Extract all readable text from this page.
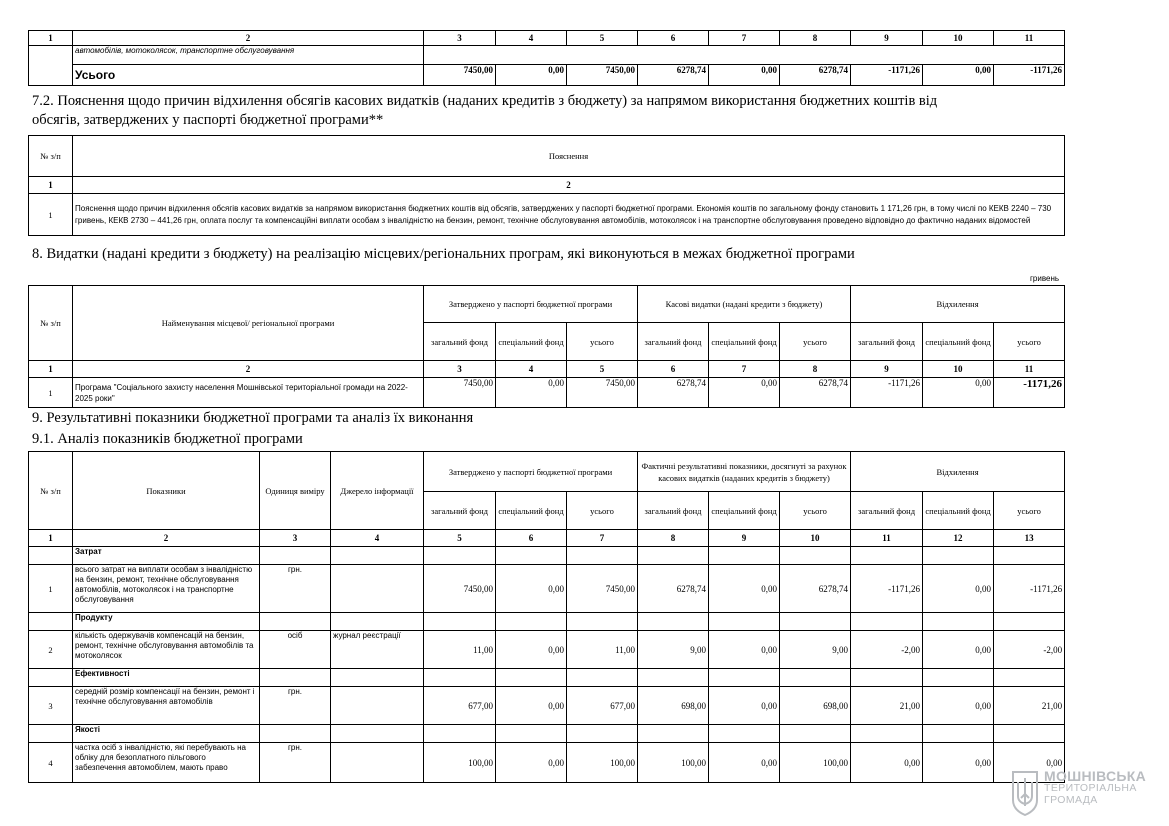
1	2	3	4	5	6	7	8	9	10	11
	автомобілів, мотоколясок, транспортне обслуговування									
	Усього	7450,00	0,00	7450,00	6278,74	0,00	6278,74	-1171,26	0,00	-1171,26

7.2. Пояснення щодо причин відхилення обсягів касових видатків (наданих кредитів з бюджету) за напрямом використання бюджетних коштів від
обсягів, затверджених у паспорті бюджетної програми**

№ з/п	Пояснення
1	2
1	Пояснення щодо причин відхилення обсягів касових видатків за напрямом використання бюджетних коштів від обсягів, затверджених у паспорті бюджетної програми. Економія коштів по загальному фонду становить 1 171,26 грн, в тому числі по КЕКВ 2240 – 730 гривень, КЕКВ 2730 – 441,26 грн, оплата послуг та компенсаційні виплати особам з інвалідністю на бензин, ремонт, технічне обслуговування автомобілів, мотоколясок і на транспортне обслуговування проведено відповідно до фактично наданих відомостей

8. Видатки (надані кредити з бюджету) на реалізацію місцевих/регіональних програм, які виконуються в межах бюджетної програми

гривень
№ з/п	Найменування місцевої/ регіональної програми	Затверджено у паспорті бюджетної програми			Касові видатки (надані кредити з бюджету)			Відхилення		
		загальний фонд	спеціальний фонд	усього	загальний фонд	спеціальний фонд	усього	загальний фонд	спеціальний фонд	усього
1	2	3	4	5	6	7	8	9	10	11
1	Програма "Соціального захисту населення Мошнівської територіальної громади на 2022-2025 роки"	7450,00	0,00	7450,00	6278,74	0,00	6278,74	-1171,26	0,00	-1171,26

9. Результативні показники бюджетної програми та аналіз їх виконання

9.1. Аналіз показників бюджетної програми

№ з/п	Показники	Одиниця виміру	Джерело інформації	Затверджено у паспорті бюджетної програми			Фактичні результативні показники, досягнуті за рахунок касових видатків (наданих кредитів з бюджету)			Відхилення		
				загальний фонд	спеціальний фонд	усього	загальний фонд	спеціальний фонд	усього	загальний фонд	спеціальний фонд	усього
1	2	3	4	5	6	7	8	9	10	11	12	13
	Затрат											
1	всього затрат на виплати особам з інвалідністю на бензин, ремонт, технічне обслуговування автомобілів, мотоколясок і на транспортне обслуговування	грн.		7450,00	0,00	7450,00	6278,74	0,00	6278,74	-1171,26	0,00	-1171,26
	Продукту											
2	кількість одержувачів компенсацій на бензин, ремонт, технічне обслуговування автомобілів та мотоколясок	осіб	журнал реєстрації	11,00	0,00	11,00	9,00	0,00	9,00	-2,00	0,00	-2,00
	Ефективності											
3	середній розмір компенсації на бензин, ремонт і технічне обслуговування автомобілів	грн.		677,00	0,00	677,00	698,00	0,00	698,00	21,00	0,00	21,00
	Якості											
4	частка осіб з інвалідністю, які перебувають на обліку для безоплатного пільгового забезпечення автомобілем, мають право	грн.		100,00	0,00	100,00	100,00	0,00	100,00	0,00	0,00	0,00
МОШНІВСЬКА
ТЕРИТОРІАЛЬНА
ГРОМАДА
